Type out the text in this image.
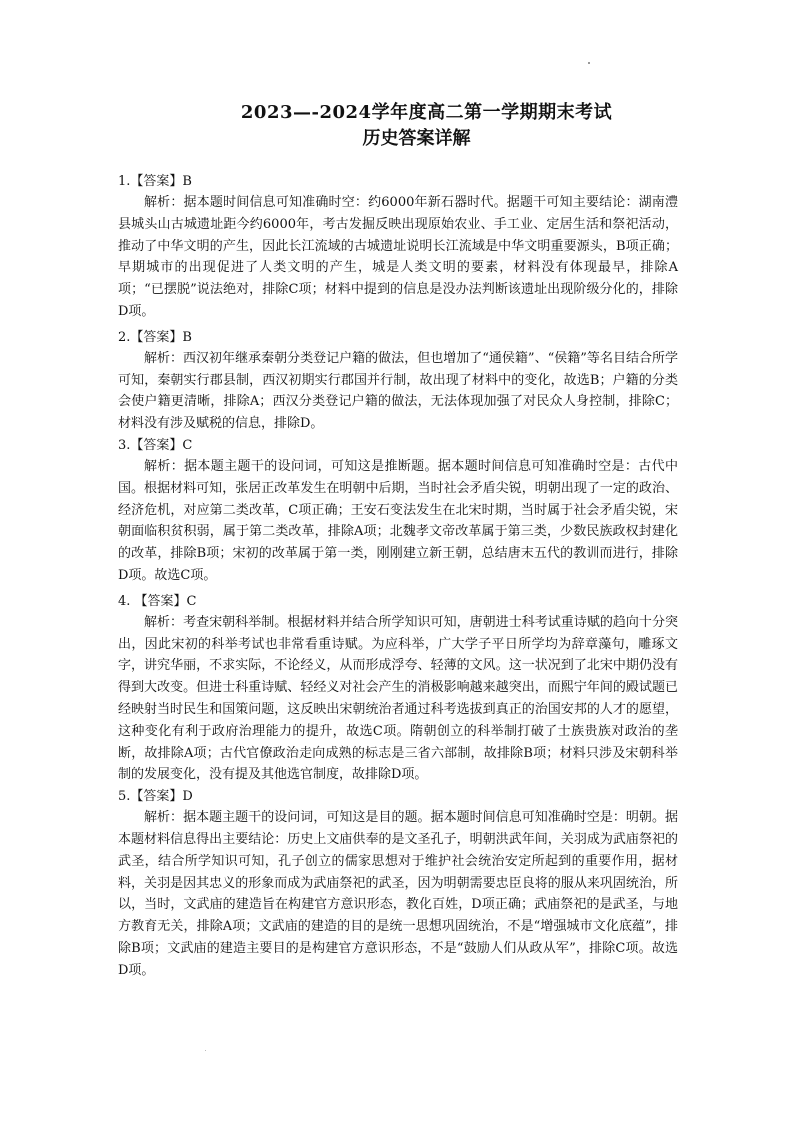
2023—-2024学年度高二第一学期期末考试

历史答案详解

1.【答案】B

解析：据本题时间信息可知准确时空：约6000年新石器时代。据题干可知主要结论：湖南澧县城头山古城遗址距今约6000年，考古发掘反映出现原始农业、手工业、定居生活和祭祀活动，推动了中华文明的产生，因此长江流域的古城遗址说明长江流域是中华文明重要源头，B项正确；早期城市的出现促进了人类文明的产生，城是人类文明的要素，材料没有体现最早，排除A项；“已摆脱”说法绝对，排除C项；材料中提到的信息是没办法判断该遗址出现阶级分化的，排除D项。

2.【答案】B

解析：西汉初年继承秦朝分类登记户籍的做法，但也增加了“通侯籍”、“侯籍”等名目结合所学可知，秦朝实行郡县制，西汉初期实行郡国并行制，故出现了材料中的变化，故选B；户籍的分类会使户籍更清晰，排除A；西汉分类登记户籍的做法，无法体现加强了对民众人身控制，排除C；材料没有涉及赋税的信息，排除D。

3.【答案】C

解析：据本题主题干的设问词，可知这是推断题。据本题时间信息可知准确时空是：古代中国。根据材料可知，张居正改革发生在明朝中后期，当时社会矛盾尖锐，明朝出现了一定的政治、经济危机，对应第二类改革，C项正确；王安石变法发生在北宋时期，当时属于社会矛盾尖锐，宋朝面临积贫积弱，属于第二类改革，排除A项；北魏孝文帝改革属于第三类，少数民族政权封建化的改革，排除B项；宋初的改革属于第一类，刚刚建立新王朝，总结唐末五代的教训而进行，排除D项。故选C项。

4. 【答案】C

解析：考查宋朝科举制。根据材料并结合所学知识可知，唐朝进士科考试重诗赋的趋向十分突出，因此宋初的科举考试也非常看重诗赋。为应科举，广大学子平日所学均为辞章藻句，雕琢文字，讲究华丽，不求实际，不论经义，从而形成浮夸、轻薄的文风。这一状况到了北宋中期仍没有得到大改变。但进士科重诗赋、轻经义对社会产生的消极影响越来越突出，而熙宁年间的殿试题已经映射当时民生和国策问题，这反映出宋朝统治者通过科考选拔到真正的治国安邦的人才的愿望，这种变化有利于政府治理能力的提升，故选C项。隋朝创立的科举制打破了士族贵族对政治的垄断，故排除A项；古代官僚政治走向成熟的标志是三省六部制，故排除B项；材料只涉及宋朝科举制的发展变化，没有提及其他选官制度，故排除D项。

5.【答案】D

解析：据本题主题干的设问词，可知这是目的题。据本题时间信息可知准确时空是：明朝。据本题材料信息得出主要结论：历史上文庙供奉的是文圣孔子，明朝洪武年间，关羽成为武庙祭祀的武圣，结合所学知识可知，孔子创立的儒家思想对于维护社会统治安定所起到的重要作用，据材料，关羽是因其忠义的形象而成为武庙祭祀的武圣，因为明朝需要忠臣良将的服从来巩固统治，所以，当时，文武庙的建造旨在构建官方意识形态，教化百姓，D项正确；武庙祭祀的是武圣，与地方教育无关，排除A项；文武庙的建造的目的是统一思想巩固统治，不是“增强城市文化底蕴”，排除B项；文武庙的建造主要目的是构建官方意识形态，不是“鼓励人们从政从军”，排除C项。故选D项。
